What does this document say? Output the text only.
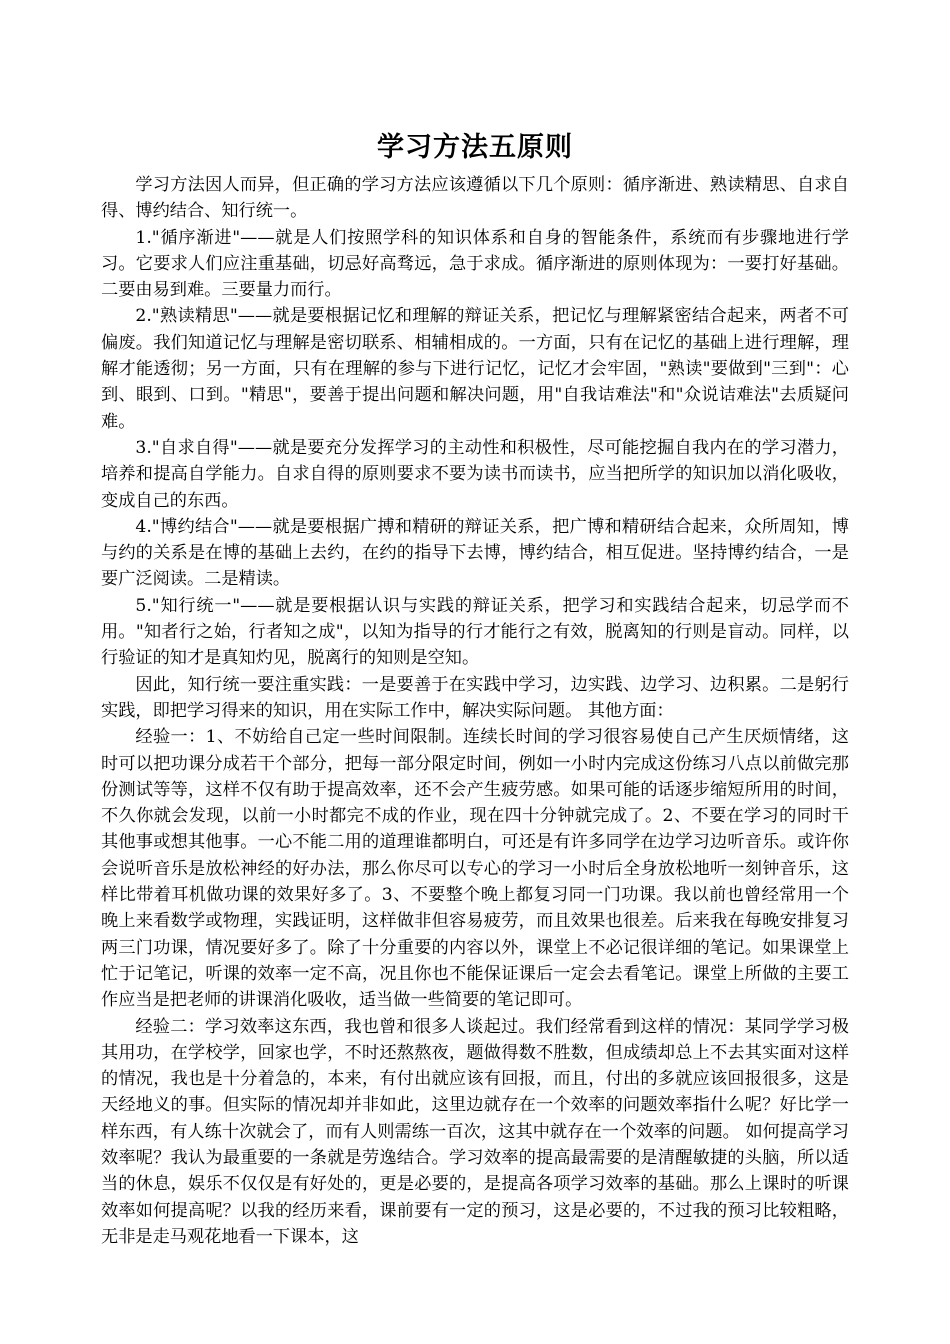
学习方法五原则

学习方法因人而异，但正确的学习方法应该遵循以下几个原则：循序渐进、熟读精思、自求自得、博约结合、知行统一。

1."循序渐进"——就是人们按照学科的知识体系和自身的智能条件，系统而有步骤地进行学习。它要求人们应注重基础，切忌好高骛远，急于求成。循序渐进的原则体现为：一要打好基础。二要由易到难。三要量力而行。

2."熟读精思"——就是要根据记忆和理解的辩证关系，把记忆与理解紧密结合起来，两者不可偏废。我们知道记忆与理解是密切联系、相辅相成的。一方面，只有在记忆的基础上进行理解，理解才能透彻；另一方面，只有在理解的参与下进行记忆，记忆才会牢固，"熟读"要做到"三到"：心到、眼到、口到。"精思"，要善于提出问题和解决问题，用"自我诘难法"和"众说诘难法"去质疑问难。

3."自求自得"——就是要充分发挥学习的主动性和积极性，尽可能挖掘自我内在的学习潜力，培养和提高自学能力。自求自得的原则要求不要为读书而读书，应当把所学的知识加以消化吸收，变成自己的东西。

4."博约结合"——就是要根据广搏和精研的辩证关系，把广博和精研结合起来，众所周知，博与约的关系是在博的基础上去约，在约的指导下去博，博约结合，相互促进。坚持博约结合，一是要广泛阅读。二是精读。

5."知行统一"——就是要根据认识与实践的辩证关系，把学习和实践结合起来，切忌学而不用。"知者行之始，行者知之成"，以知为指导的行才能行之有效，脱离知的行则是盲动。同样，以行验证的知才是真知灼见，脱离行的知则是空知。

因此，知行统一要注重实践：一是要善于在实践中学习，边实践、边学习、边积累。二是躬行实践，即把学习得来的知识，用在实际工作中，解决实际问题。 其他方面：

经验一：1、不妨给自己定一些时间限制。连续长时间的学习很容易使自己产生厌烦情绪，这时可以把功课分成若干个部分，把每一部分限定时间，例如一小时内完成这份练习八点以前做完那份测试等等，这样不仅有助于提高效率，还不会产生疲劳感。如果可能的话逐步缩短所用的时间，不久你就会发现，以前一小时都完不成的作业，现在四十分钟就完成了。2、不要在学习的同时干其他事或想其他事。一心不能二用的道理谁都明白，可还是有许多同学在边学习边听音乐。或许你会说听音乐是放松神经的好办法，那么你尽可以专心的学习一小时后全身放松地听一刻钟音乐，这样比带着耳机做功课的效果好多了。3、不要整个晚上都复习同一门功课。我以前也曾经常用一个晚上来看数学或物理，实践证明，这样做非但容易疲劳，而且效果也很差。后来我在每晚安排复习两三门功课，情况要好多了。除了十分重要的内容以外，课堂上不必记很详细的笔记。如果课堂上忙于记笔记，听课的效率一定不高，况且你也不能保证课后一定会去看笔记。课堂上所做的主要工作应当是把老师的讲课消化吸收，适当做一些简要的笔记即可。

经验二：学习效率这东西，我也曾和很多人谈起过。我们经常看到这样的情况：某同学学习极其用功，在学校学，回家也学，不时还熬熬夜，题做得数不胜数，但成绩却总上不去其实面对这样的情况，我也是十分着急的，本来，有付出就应该有回报，而且，付出的多就应该回报很多，这是天经地义的事。但实际的情况却并非如此，这里边就存在一个效率的问题效率指什么呢？好比学一样东西，有人练十次就会了，而有人则需练一百次，这其中就存在一个效率的问题。 如何提高学习效率呢？我认为最重要的一条就是劳逸结合。学习效率的提高最需要的是清醒敏捷的头脑，所以适当的休息，娱乐不仅仅是有好处的，更是必要的，是提高各项学习效率的基础。那么上课时的听课效率如何提高呢？以我的经历来看，课前要有一定的预习，这是必要的，不过我的预习比较粗略，无非是走马观花地看一下课本，这
